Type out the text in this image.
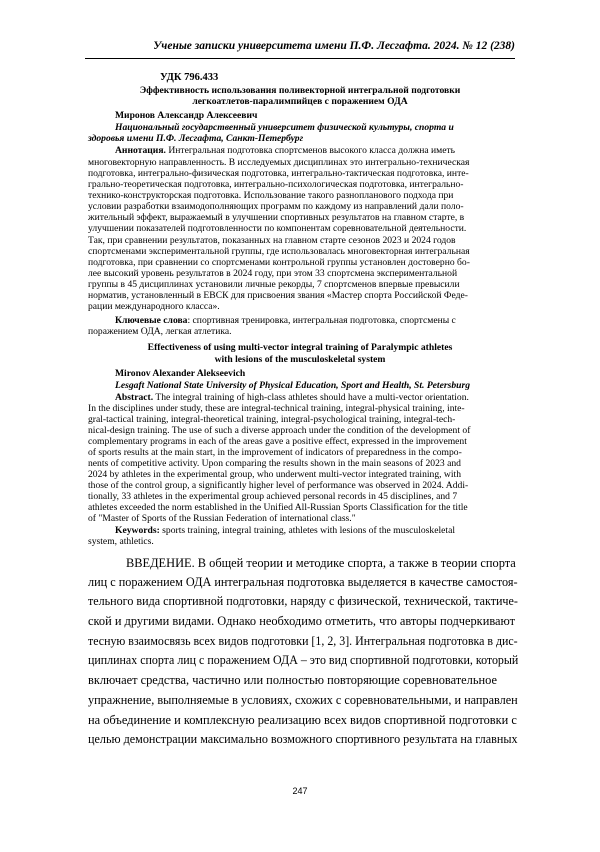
Ученые записки университета имени П.Ф. Лесгафта. 2024. № 12 (238)
УДК 796.433
Эффективность использования поливекторной интегральной подготовки
легкоатлетов-паралимпийцев с поражением ОДА
Миронов Александр Алексеевич
Национальный государственный университет физической культуры, спорта и
здоровья имени П.Ф. Лесгафта, Санкт-Петербург
Аннотация. Интегральная подготовка спортсменов высокого класса должна иметь
многовекторную направленность. В исследуемых дисциплинах это интегрально-техническая
подготовка, интегрально-физическая подготовка, интегрально-тактическая подготовка, инте-
грально-теоретическая подготовка, интегрально-психологическая подготовка, интегрально-
технико-конструкторская подготовка. Использование такого разнопланового подхода при
условии разработки взаимодополняющих программ по каждому из направлений дали поло-
жительный эффект, выражаемый в улучшении спортивных результатов на главном старте, в
улучшении показателей подготовленности по компонентам соревновательной деятельности.
Так, при сравнении результатов, показанных на главном старте сезонов 2023 и 2024 годов
спортсменами экспериментальной группы, где использовалась многовекторная интегральная
подготовка, при сравнении со спортсменами контрольной группы установлен достоверно бо-
лее высокий уровень результатов в 2024 году, при этом 33 спортсмена экспериментальной
группы в 45 дисциплинах установили личные рекорды, 7 спортсменов впервые превысили
норматив, установленный в ЕВСК для присвоения звания «Мастер спорта Российской Феде-
рации международного класса».
Ключевые слова: спортивная тренировка, интегральная подготовка, спортсмены с
поражением ОДА, легкая атлетика.
Effectiveness of using multi-vector integral training of Paralympic athletes
with lesions of the musculoskeletal system
Mironov Alexander Alekseevich
Lesgaft National State University of Physical Education, Sport and Health, St. Petersburg
Abstract. The integral training of high-class athletes should have a multi-vector orientation.
In the disciplines under study, these are integral-technical training, integral-physical training, inte-
gral-tactical training, integral-theoretical training, integral-psychological training, integral-tech-
nical-design training. The use of such a diverse approach under the condition of the development of
complementary programs in each of the areas gave a positive effect, expressed in the improvement
of sports results at the main start, in the improvement of indicators of preparedness in the compo-
nents of competitive activity. Upon comparing the results shown in the main seasons of 2023 and
2024 by athletes in the experimental group, who underwent multi-vector integrated training, with
those of the control group, a significantly higher level of performance was observed in 2024. Addi-
tionally, 33 athletes in the experimental group achieved personal records in 45 disciplines, and 7
athletes exceeded the norm established in the Unified All-Russian Sports Classification for the title
of "Master of Sports of the Russian Federation of international class."
Keywords: sports training, integral training, athletes with lesions of the musculoskeletal
system, athletics.
ВВЕДЕНИЕ. В общей теории и методике спорта, а также в теории спорта
лиц с поражением ОДА интегральная подготовка выделяется в качестве самостоя-
тельного вида спортивной подготовки, наряду с физической, технической, тактиче-
ской и другими видами. Однако необходимо отметить, что авторы подчеркивают
тесную взаимосвязь всех видов подготовки [1, 2, 3]. Интегральная подготовка в дис-
циплинах спорта лиц с поражением ОДА – это вид спортивной подготовки, который
включает средства, частично или полностью повторяющие соревновательное
упражнение, выполняемые в условиях, схожих с соревновательными, и направлен
на объединение и комплексную реализацию всех видов спортивной подготовки с
целью демонстрации максимально возможного спортивного результата на главных
247
